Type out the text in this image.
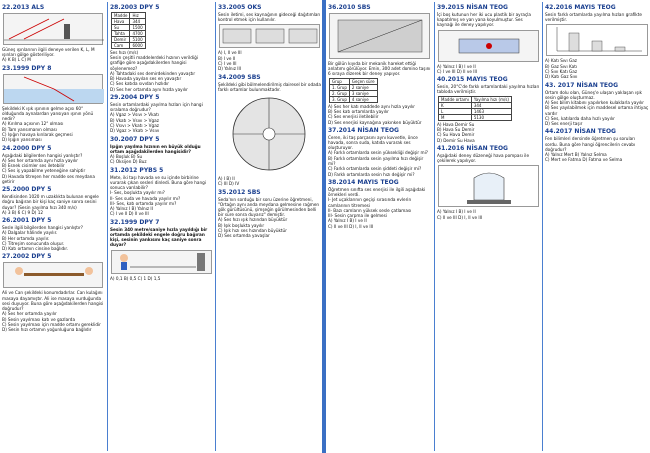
22.2013 ALS
Güneş ışınlarının ilgili deneye verilen K, L, M ışınları gölge gösteriliyor.
A) K B) L C) M
23.1999 DPY 8
Şekildeki K ışık ışınının gelme açısı 60° olduğunda aynalardan yansıyan ışının yönü nedir?
A) Kırılma açısının 12° olması
B) Tam yansımanın olması
C) Işığın havaya kırılarak geçmesi
D) Işığın yansıması
24.2000 DPY 5
Aşağıdaki bilgilerden hangisi yanlıştır?
A) Ses her ortamda aynı hızla yayılır
B) Esnek cisimler ses iletebilir
C) Ses iş yapabilme yeteneğine sahiptir
D) Havada titreşen her madde ses meydana getirir
25.2000 DPY 5
Kendisinden 1020 m uzaklıkta bulunan engele doğru bağıran bir kişi kaç saniye sonra sesini duyar? (Sesin yayılma hızı 340 m/s)
A) 3 B) 6 C) 9 D) 12
26.2001 DPY 5
Sesle ilgili bilgilerden hangisi yanlıştır?
A) Dalgalar hâlinde yayılır.
B) Her ortamda yayılır.
C) Titreşim sonucunda oluşur.
D) Katı ortamın cinsine bağlıdır.
27.2002 DPY 5
Ali ve Can şekildeki konumdadırlar. Can kulağını masaya dayamıştır. Ali ise masaya vurduğunda sesi duyuyor. Buna göre aşağıdakilerden hangisi doğrudur?
A) Ses her ortamda yayılır
B) Sesin yayılması katı ve gazlarda
C) Sesin yayılması için madde ortamı gereklidir
D) Sesin hızı ortamın yoğunluğuna bağlıdır
28.2003 DPY 5
Madde	Hız
Hava	344
Su	1500
Tahta	4700
Demir	5100
Cam	6000
Ses hızı (m/s)
Sesin çeşitli maddelerdeki hızının verildiği grafiğe göre aşağıdakilerden hangisi söylenemez?
A) Tahtadaki ses demirdekinden yavaştır
B) Havada yayılan ses en yavaştır
C) Ses katıda sıvıdan hızlıdır
D) Ses her ortamda aynı hızda yayılır
29.2004 DPY 5
Sesin ortamlardaki yayılma hızları için hangi sıralama doğrudur?
A) Vgaz > Vsıvı > Vkatı
B) Vkatı > Vsıvı > Vgaz
C) Vsıvı > Vkatı > Vgaz
D) Vgaz > Vkatı > Vsıvı
30.2007 DPY 5
Işığın yayılma hızının en büyük olduğu ortam aşağıdakilerden hangisidir?
A) Boşluk B) Su
C) Oksijen D) Buz
31.2012 PYBS 5
Mete, iki taşı havada ve su içinde birbirine vurarak çıkan sesleri dinledi. Buna göre hangi sonuca varılabilir?
I- Ses, boşlukta yayılır mı?
II- Ses suda ve havada yayılır mı?
III- Ses, katı ortamda yayılır mı?
A) Yalnız I B) Yalnız II
C) I ve II D) II ve III
32.1999 DPY 7
Sesin 340 metre/saniye hızla yayıldığı bir ortamda şekildeki engele doğru bağıran kişi, sesinin yankısını kaç saniye sonra duyar?
A) 0,1 B) 0,5 C) 1 D) 1,5
33.2005 OKS
Sesin iletimi, ses kaynağının gideceği dağıtımları kontrol etmek için kullanılır.
A) I, II ve III
B) I ve II
C) I ve III
D) Yalnız III
34.2009 SBS
Şekildeki gibi bölmelendirilmiş dairesel bir odada farklı ortamlar bulunmaktadır.
A) I B) II
C) III D) IV
35.2012 SBS
Seda'nın sorduğu bir soru üzerine öğretmeni, "Ortağın aynı anda meydana gelmesine rağmen gök gürültüsünü, şimşeğin görülmesinden belli bir süre sonra duyarız" demiştir.
A) Ses hızı ışık hızından büyüktür
B) Işık boşlukta yayılır
C) Işık hızı ses hızından büyüktür
D) Ses ortamda yavaşlar
36.2010 SBS
Bir gölün kıyıda bir mekanik hareket ettiği anlatımı görülüyor. Emin, 300 adet domino taşını 6 sıraya dizerek bir deney yapıyor.
Grup	Geçen süre
1. Grup	2 saniye
2. Grup	3 saniye
3. Grup	4 saniye
A) Ses her katı maddede aynı hızla yayılır
B) Ses katı ortamlarda yayılır
C) Ses enerjisi iletilebilir
D) Ses enerjisi kaynağına yakınken büyüktür
37.2014 NİSAN TEOG
Ceren, iki taş parçasını aynı kuvvetle, önce havada, sonra suda, katıda vurarak ses oluşturuyor.
A) Farklı ortamlarda sesin yüksekliği değişir mi?
B) Farklı ortamlarda sesin yayılma hızı değişir mi?
C) Farklı ortamlarda sesin şiddeti değişir mi?
D) Farklı ortamlarda sesin hızı değişir mi?
38.2014 MAYIS TEOG
Öğretmen sınıfta ses enerjisi ile ilgili aşağıdaki örnekleri verdi.
I- Jet uçaklarının geçişi sırasında evlerin camlarının titremesi
II- Bazı camların yüksek sesle çatlaması
III- Sesin çarpma ile gelmesi
A) Yalnız I B) I ve II
C) II ve III D) I, II ve III
39.2015 NİSAN TEOG
İçi boş kutunun her iki ucu plastik bir ayraçla kapatılmış ve yan yana koyulmuştur. Ses kaynağı ile deney yapılıyor.
A) Yalnız I B) I ve II
C) I ve III D) II ve III
40.2015 MAYIS TEOG
Sesin, 20°C'de farklı ortamlardaki yayılma hızları tabloda verilmiştir.
Madde ortamı	Yayılma hızı (m/s)
K	344
L	1463
M	5130
A) Hava Demir Su
B) Hava Su Demir
C) Su Hava Demir
D) Demir Su Hava
41.2016 NİSAN TEOG
Aşağıdaki deney düzeneği hava pompası ile çekilerek yapılıyor.
A) Yalnız I B) I ve II
C) II ve III D) I, II ve III
42.2016 MAYIS TEOG
Sesin farklı ortamlarda yayılma hızları grafikte verilmiştir.
A) Katı Sıvı Gaz
B) Gaz Sıvı Katı
C) Sıvı Katı Gaz
D) Katı Gaz Sıvı
43. 2017 NİSAN TEOG
Ortam dolu olan, Güneş'e ulaşan yaklaşan ışık sesin gölge oluşturmaz.
A) Ses bilim kitabını yapılırken kulaklarla yayılır
B) Ses yayılabilmek için maddesel ortama ihtiyaç vardır
C) Ses, katılarda daha hızlı yayılır
D) Ses enerji taşır
44.2017 NİSAN TEOG
Fen bilimleri dersinde öğretmen şu soruları sordu. Buna göre hangi öğrencilerin cevabı doğrudur?
A) Yalnız Mert B) Yalnız Selma
C) Mert ve Fatma D) Fatma ve Selma
